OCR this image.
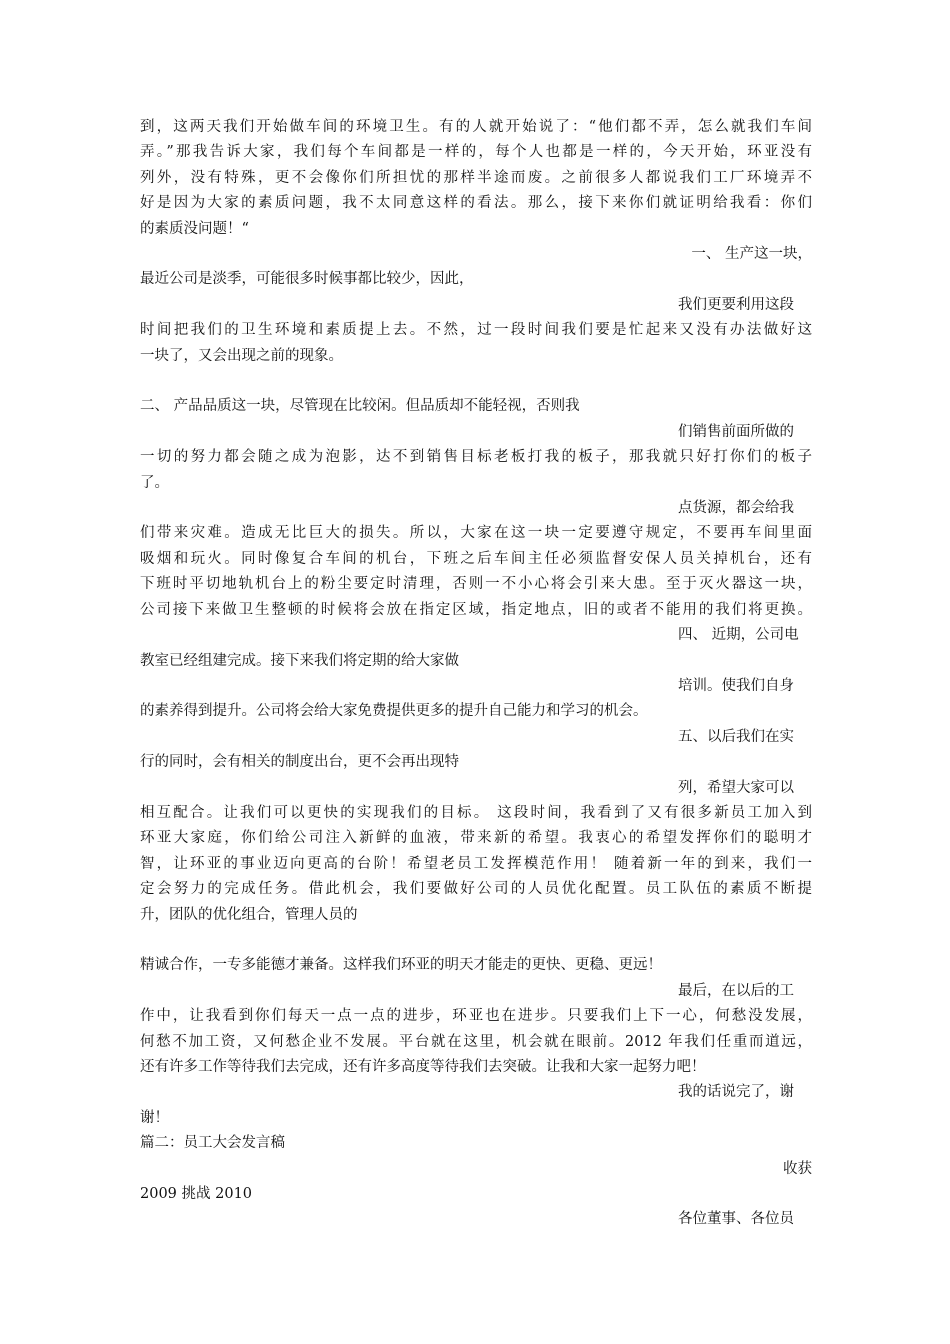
到，这两天我们开始做车间的环境卫生。有的人就开始说了：“他们都不弄，怎么就我们车间
弄。”那我告诉大家，我们每个车间都是一样的，每个人也都是一样的，今天开始，环亚没有
列外，没有特殊，更不会像你们所担忧的那样半途而废。之前很多人都说我们工厂环境弄不
好是因为大家的素质问题，我不太同意这样的看法。那么，接下来你们就证明给我看：你们
的素质没问题！“
一、 生产这一块，
最近公司是淡季，可能很多时候事都比较少，因此，
我们更要利用这段
时间把我们的卫生环境和素质提上去。不然，过一段时间我们要是忙起来又没有办法做好这
一块了，又会出现之前的现象。
二、 产品品质这一块，尽管现在比较闲。但品质却不能轻视，否则我
们销售前面所做的
一切的努力都会随之成为泡影，达不到销售目标老板打我的板子，那我就只好打你们的板子
了。
点货源，都会给我
们带来灾难。造成无比巨大的损失。所以，大家在这一块一定要遵守规定，不要再车间里面
吸烟和玩火。同时像复合车间的机台，下班之后车间主任必须监督安保人员关掉机台，还有
下班时平切地轨机台上的粉尘要定时清理，否则一不小心将会引来大患。至于灭火器这一块，
公司接下来做卫生整顿的时候将会放在指定区域，指定地点，旧的或者不能用的我们将更换。
四、 近期，公司电
教室已经组建完成。接下来我们将定期的给大家做
培训。使我们自身
的素养得到提升。公司将会给大家免费提供更多的提升自己能力和学习的机会。
五、以后我们在实
行的同时，会有相关的制度出台，更不会再出现特
列，希望大家可以
相互配合。让我们可以更快的实现我们的目标。 这段时间，我看到了又有很多新员工加入到
环亚大家庭，你们给公司注入新鲜的血液，带来新的希望。我衷心的希望发挥你们的聪明才
智，让环亚的事业迈向更高的台阶！希望老员工发挥模范作用！ 随着新一年的到来，我们一
定会努力的完成任务。借此机会，我们要做好公司的人员优化配置。员工队伍的素质不断提
升，团队的优化组合，管理人员的
精诚合作，一专多能德才兼备。这样我们环亚的明天才能走的更快、更稳、更远！
最后，在以后的工
作中，让我看到你们每天一点一点的进步，环亚也在进步。只要我们上下一心，何愁没发展，
何愁不加工资，又何愁企业不发展。平台就在这里，机会就在眼前。2012 年我们任重而道远，
还有许多工作等待我们去完成，还有许多高度等待我们去突破。让我和大家一起努力吧！
我的话说完了，谢
谢！
篇二：员工大会发言稿
收获
2009 挑战 2010
各位董事、各位员
